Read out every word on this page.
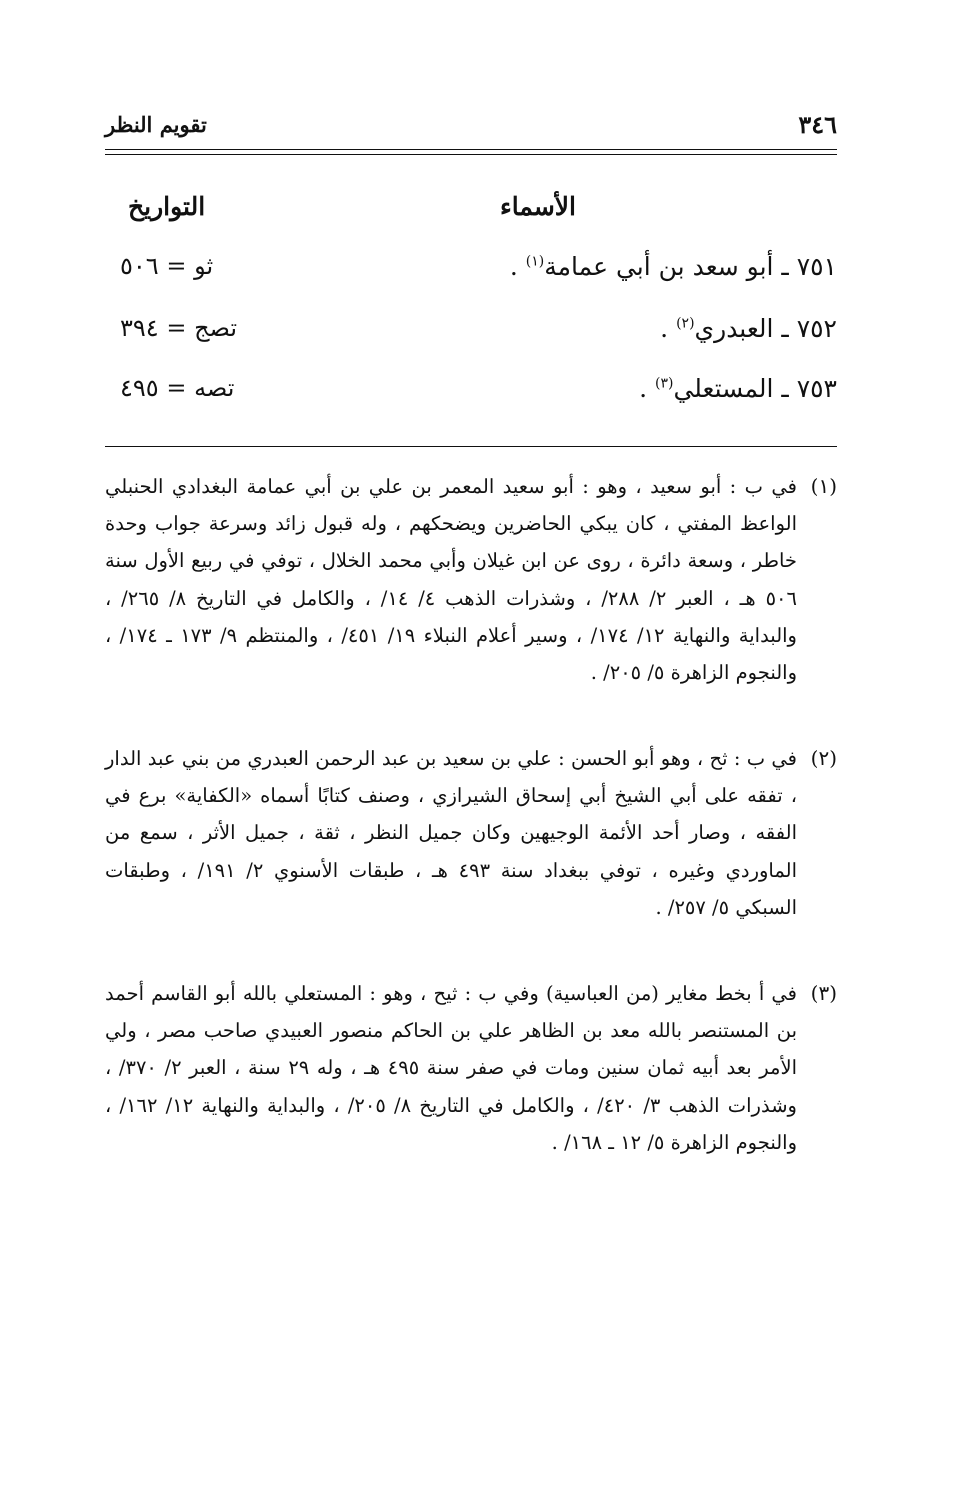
٣٤٦
تقويم النظر
الأسماء
التواريخ
٧٥١ ـ أبو سعد بن أبي عمامة$^{(١)}$ .
ثو = ٥٠٦
٧٥٢ ـ العبدري$^{(٢)}$ .
تصج = ٣٩٤
٧٥٣ ـ المستعلي$^{(٣)}$ .
تصه = ٤٩٥
(١)
في ب : أبو سعيد ، وهو : أبو سعيد المعمر بن علي بن أبي عمامة البغدادي الحنبلي الواعظ المفتي ، كان يبكي الحاضرين ويضحكهم ، وله قبول زائد وسرعة جواب وحدة خاطر ، وسعة دائرة ، روى عن ابن غيلان وأبي محمد الخلال ، توفي في ربيع الأول سنة ٥٠٦ هـ ، العبر ٢/ ٢٨٨/ ، وشذرات الذهب ٤/ ١٤/ ، والكامل في التاريخ ٨/ ٢٦٥/ ، والبداية والنهاية ١٢/ ١٧٤/ ، وسير أعلام النبلاء ١٩/ ٤٥١/ ، والمنتظم ٩/ ١٧٣ ـ ١٧٤/ ، والنجوم الزاهرة ٥/ ٢٠٥/ .
(٢)
في ب : ثح ، وهو أبو الحسن : علي بن سعيد بن عبد الرحمن العبدري من بني عبد الدار ، تفقه على أبي الشيخ أبي إسحاق الشيرازي ، وصنف كتابًا أسماه «الكفاية» برع في الفقه ، وصار أحد الأئمة الوجيهين وكان جميل النظر ، ثقة ، جميل الأثر ، سمع من الماوردي وغيره ، توفي ببغداد سنة ٤٩٣ هـ ، طبقات الأسنوي ٢/ ١٩١/ ، وطبقات السبكي ٥/ ٢٥٧/ .
(٣)
في أ بخط مغاير (من العباسية) وفي ب : ثيح ، وهو : المستعلي بالله أبو القاسم أحمد بن المستنصر بالله معد بن الظاهر علي بن الحاكم منصور العبيدي صاحب مصر ، ولي الأمر بعد أبيه ثمان سنين ومات في صفر سنة ٤٩٥ هـ ، وله ٢٩ سنة ، العبر ٢/ ٣٧٠/ ، وشذرات الذهب ٣/ ٤٢٠/ ، والكامل في التاريخ ٨/ ٢٠٥/ ، والبداية والنهاية ١٢/ ١٦٢/ ، والنجوم الزاهرة ٥/ ١٢ ـ ١٦٨/ .
